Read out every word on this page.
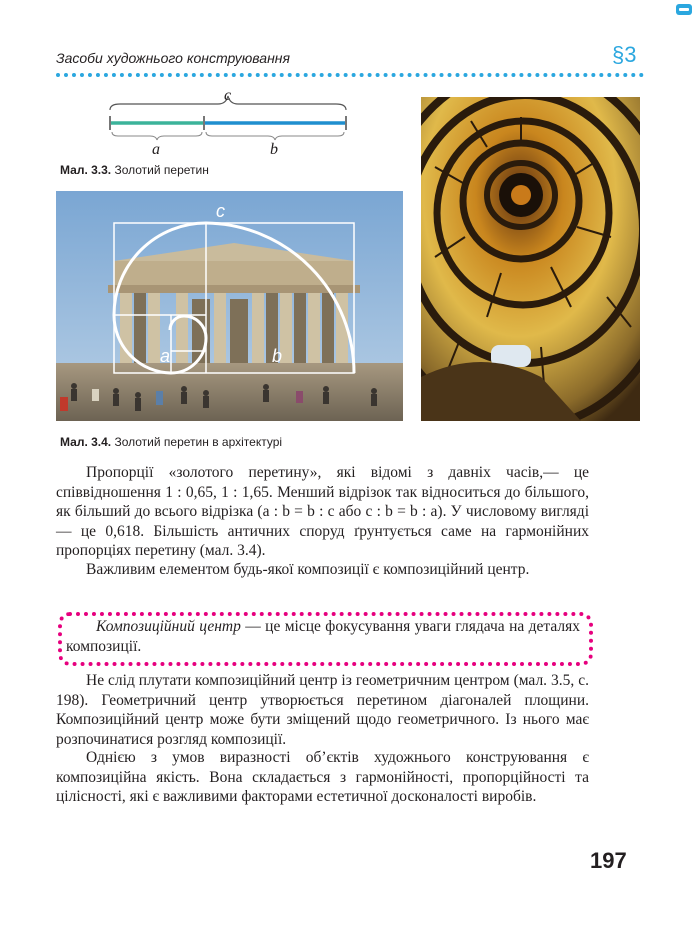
Засоби художнього конструювання	§3
c
a	b
Мал. 3.3. Золотий перетин
c
a	b
Мал. 3.4. Золотий перетин в архітектурі
Пропорції «золотого перетину», які відомі з давніх часів,— це співвідношення 1 : 0,65, 1 : 1,65. Менший відрізок так відноситься до більшого, як більший до всього відрізка (a : b = b : c або c : b = b : a). У числовому вигляді — це 0,618. Більшість античних споруд ґрунтується саме на гармонійних пропорціях перетину (мал. 3.4).
Важливим елементом будь-якої композиції є композиційний центр.
Композиційний центр — це місце фокусування уваги глядача на деталях композиції.
Не слід плутати композиційний центр із геометричним центром (мал. 3.5, с. 198). Геометричний центр утворюється перетином діагоналей площини. Композиційний центр може бути зміщений щодо геометричного. Із нього має розпочинатися розгляд композиції.
Однією з умов виразності об’єктів художнього конструювання є композиційна якість. Вона складається з гармонійності, пропорційності та цілісності, які є важливими факторами естетичної досконалості виробів.
197
